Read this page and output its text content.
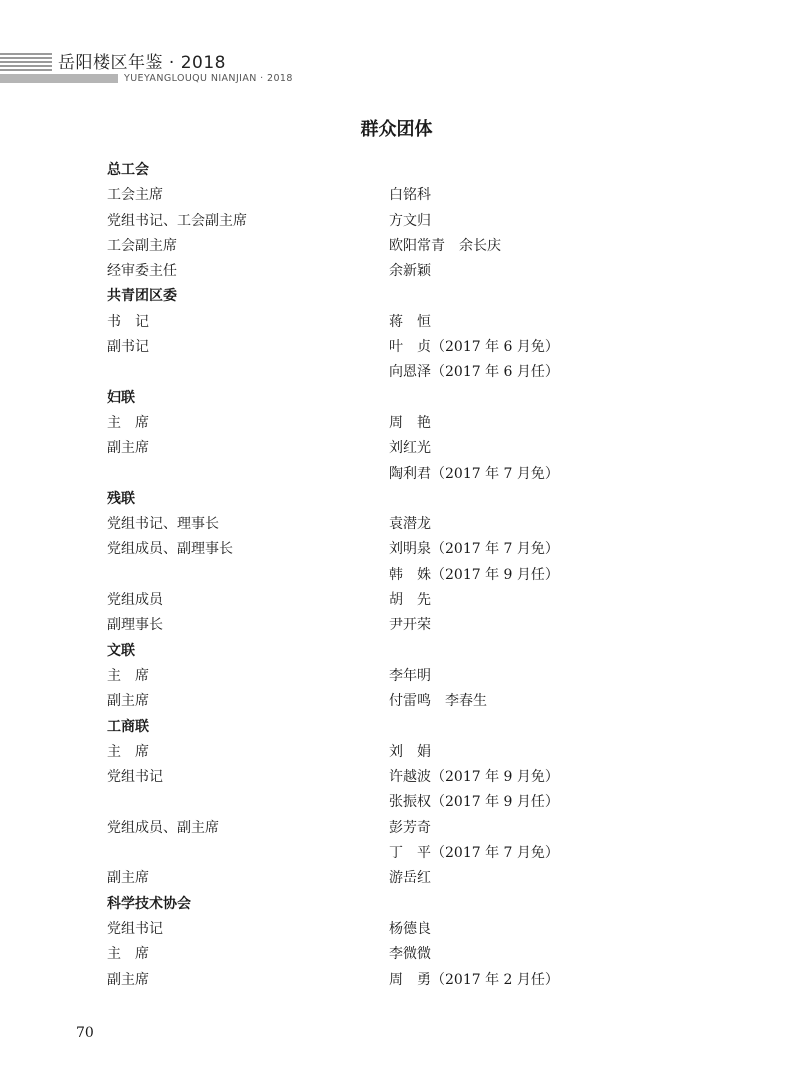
岳阳楼区年鉴 · 2018
YUEYANGLOUQU NIANJIAN · 2018
群众团体
总工会
工会主席	白铭科
党组书记、工会副主席	方文归
工会副主席	欧阳常青　余长庆
经审委主任	余新颖
共青团区委
书　记	蒋　恒
副书记	叶　贞（2017 年 6 月免）
向恩泽（2017 年 6 月任）
妇联
主　席	周　艳
副主席	刘红光
陶利君（2017 年 7 月免）
残联
党组书记、理事长	袁潜龙
党组成员、副理事长	刘明泉（2017 年 7 月免）
韩　姝（2017 年 9 月任）
党组成员	胡　先
副理事长	尹开荣
文联
主　席	李年明
副主席	付雷鸣　李春生
工商联
主　席	刘　娟
党组书记	许越波（2017 年 9 月免）
张振权（2017 年 9 月任）
党组成员、副主席	彭芳奇
丁　平（2017 年 7 月免）
副主席	游岳红
科学技术协会
党组书记	杨德良
主　席	李微微
副主席	周　勇（2017 年 2 月任）
70
